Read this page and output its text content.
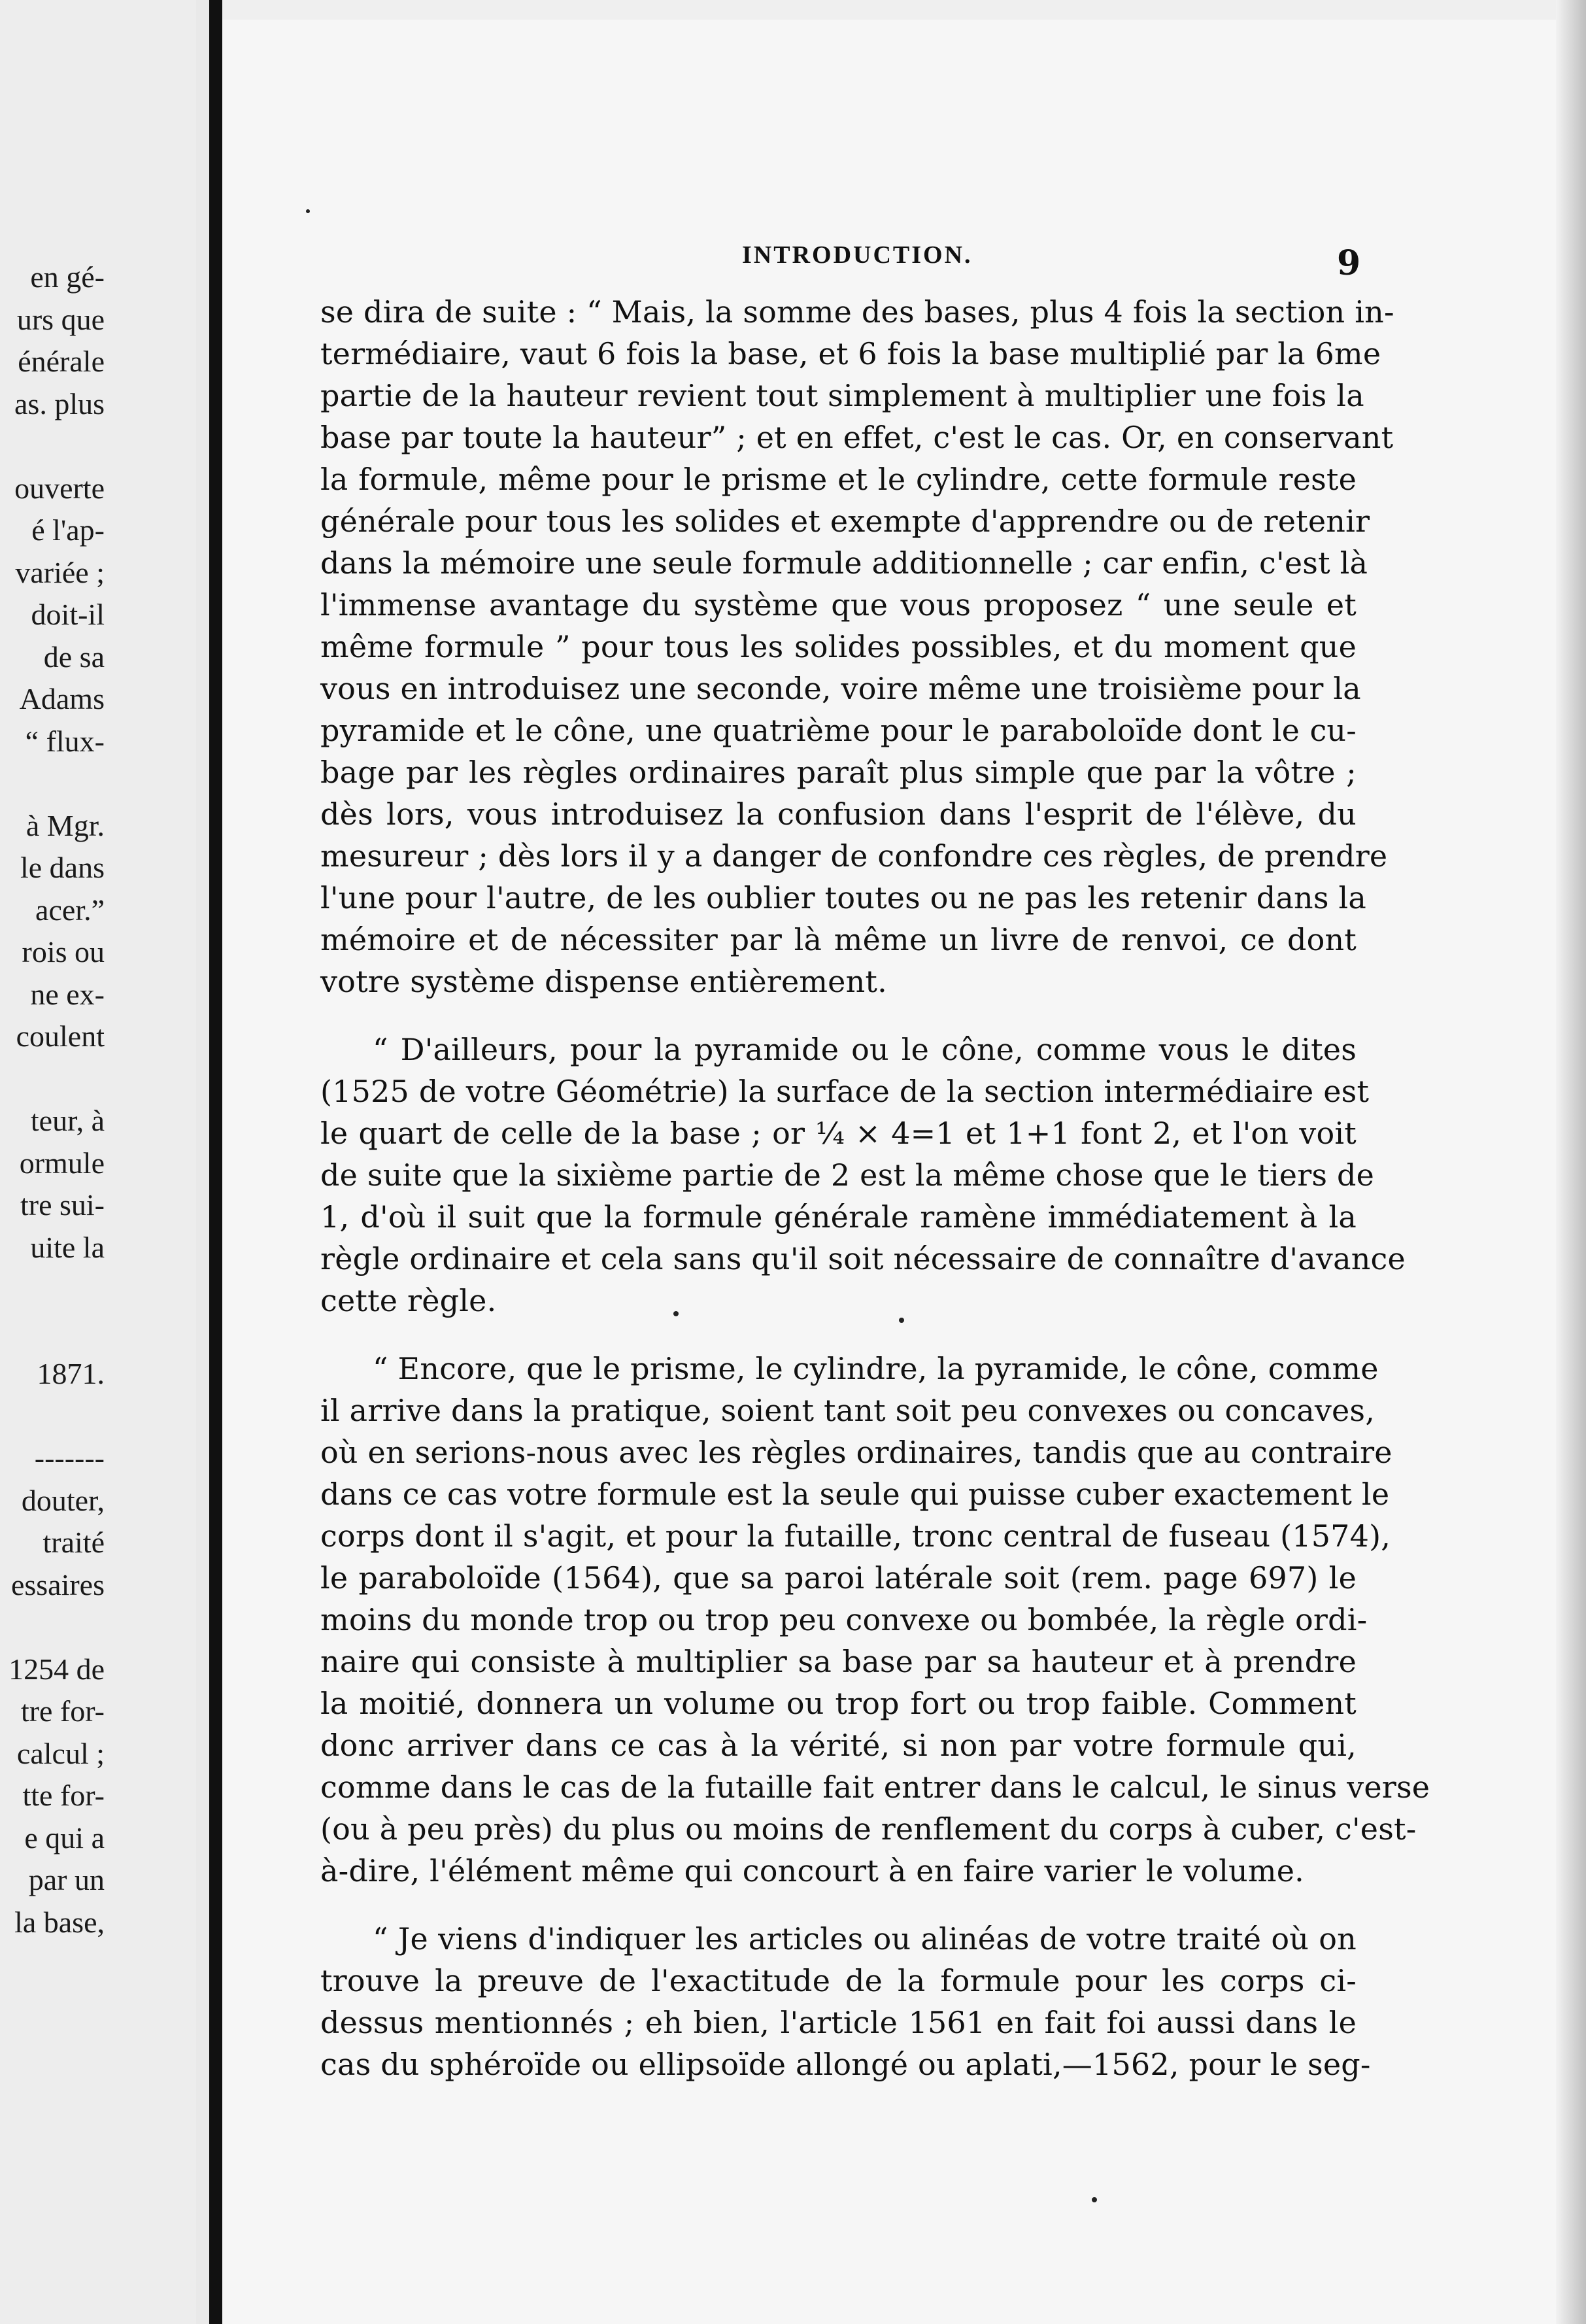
en gé-
urs que
énérale
as. plus
ouverte
é l'ap-
variée ;
doit-il
de sa
Adams
“ flux-
à Mgr.
le dans
acer.”
rois ou
ne ex-
coulent
teur, à
ormule
tre sui-
uite la
1871.
-------
douter,
traité
essaires
1254 de
tre for-
calcul ;
tte for-
e qui a
par un
la base,
INTRODUCTION.	9

se dira de suite : “ Mais, la somme des bases, plus 4 fois la section in-
termédiaire, vaut 6 fois la base, et 6 fois la base multiplié par la 6me
partie de la hauteur revient tout simplement à multiplier une fois la
base par toute la hauteur” ; et en effet, c'est le cas. Or, en conservant
la formule, même pour le prisme et le cylindre, cette formule reste
générale pour tous les solides et exempte d'apprendre ou de retenir
dans la mémoire une seule formule additionnelle ; car enfin, c'est là
l'immense avantage du système que vous proposez “ une seule et
même formule ” pour tous les solides possibles, et du moment que
vous en introduisez une seconde, voire même une troisième pour la
pyramide et le cône, une quatrième pour le paraboloïde dont le cu-
bage par les règles ordinaires paraît plus simple que par la vôtre ;
dès lors, vous introduisez la confusion dans l'esprit de l'élève, du
mesureur ; dès lors il y a danger de confondre ces règles, de prendre
l'une pour l'autre, de les oublier toutes ou ne pas les retenir dans la
mémoire et de nécessiter par là même un livre de renvoi, ce dont
votre système dispense entièrement.

“ D'ailleurs, pour la pyramide ou le cône, comme vous le dites
(1525 de votre Géométrie) la surface de la section intermédiaire est
le quart de celle de la base ; or ¼ × 4=1 et 1+1 font 2, et l'on voit
de suite que la sixième partie de 2 est la même chose que le tiers de
1, d'où il suit que la formule générale ramène immédiatement à la
règle ordinaire et cela sans qu'il soit nécessaire de connaître d'avance
cette règle.

“ Encore, que le prisme, le cylindre, la pyramide, le cône, comme
il arrive dans la pratique, soient tant soit peu convexes ou concaves,
où en serions-nous avec les règles ordinaires, tandis que au contraire
dans ce cas votre formule est la seule qui puisse cuber exactement le
corps dont il s'agit, et pour la futaille, tronc central de fuseau (1574),
le paraboloïde (1564), que sa paroi latérale soit (rem. page 697) le
moins du monde trop ou trop peu convexe ou bombée, la règle ordi-
naire qui consiste à multiplier sa base par sa hauteur et à prendre
la moitié, donnera un volume ou trop fort ou trop faible. Comment
donc arriver dans ce cas à la vérité, si non par votre formule qui,
comme dans le cas de la futaille fait entrer dans le calcul, le sinus verse
(ou à peu près) du plus ou moins de renflement du corps à cuber, c'est-
à-dire, l'élément même qui concourt à en faire varier le volume.

“ Je viens d'indiquer les articles ou alinéas de votre traité où on
trouve la preuve de l'exactitude de la formule pour les corps ci-
dessus mentionnés ; eh bien, l'article 1561 en fait foi aussi dans le
cas du sphéroïde ou ellipsoïde allongé ou aplati,—1562, pour le seg-
